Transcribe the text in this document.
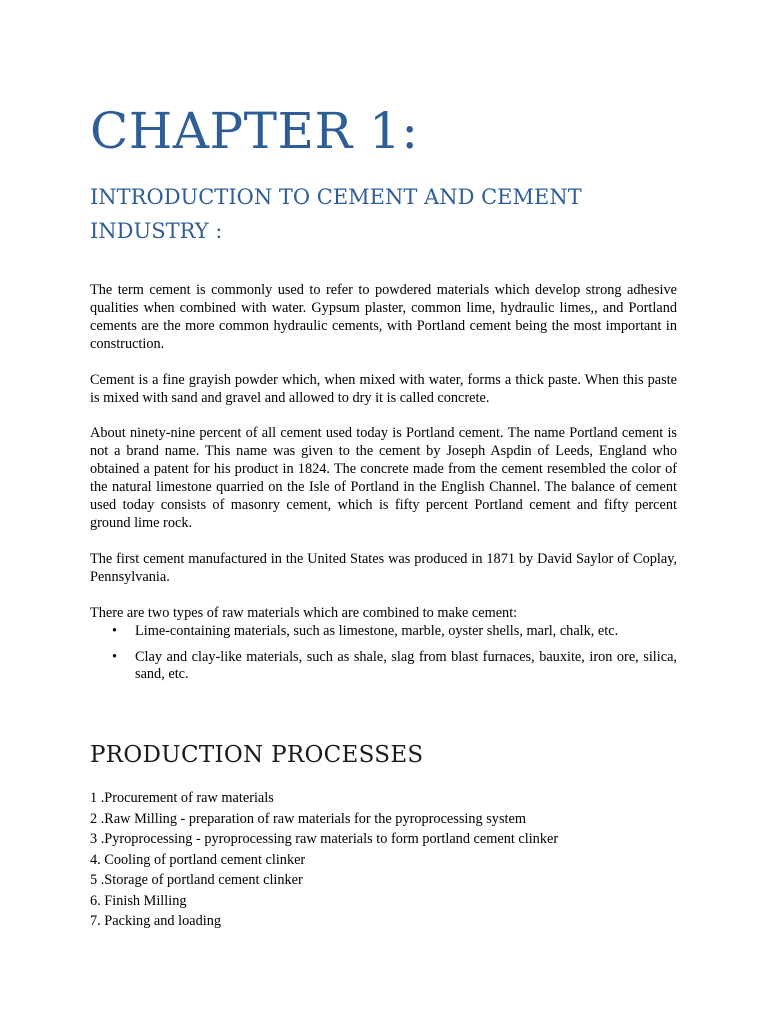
CHAPTER 1:
INTRODUCTION TO CEMENT AND CEMENT INDUSTRY :

The term cement is commonly used to refer to powdered materials which develop strong adhesive qualities when combined with water. Gypsum plaster, common lime, hydraulic limes,, and Portland cements are the more common hydraulic cements, with Portland cement being the most important in construction.

Cement is a fine grayish powder which, when mixed with water, forms a thick paste. When this paste is mixed with sand and gravel and allowed to dry it is called concrete.

About ninety-nine percent of all cement used today is Portland cement. The name Portland cement is not a brand name. This name was given to the cement by Joseph Aspdin of Leeds, England who obtained a patent for his product in 1824. The concrete made from the cement resembled the color of the natural limestone quarried on the Isle of Portland in the English Channel. The balance of cement used today consists of masonry cement, which is fifty percent Portland cement and fifty percent ground lime rock.

The first cement manufactured in the United States was produced in 1871 by David Saylor of Coplay, Pennsylvania.

There are two types of raw materials which are combined to make cement:

• Lime-containing materials, such as limestone, marble, oyster shells, marl, chalk, etc.
• Clay and clay-like materials, such as shale, slag from blast furnaces, bauxite, iron ore, silica, sand, etc.
PRODUCTION PROCESSES
1 .Procurement of raw materials
2 .Raw Milling - preparation of raw materials for the pyroprocessing system
3 .Pyroprocessing - pyroprocessing raw materials to form portland cement clinker
4. Cooling of portland cement clinker
5 .Storage of portland cement clinker
6. Finish Milling
7. Packing and loading
